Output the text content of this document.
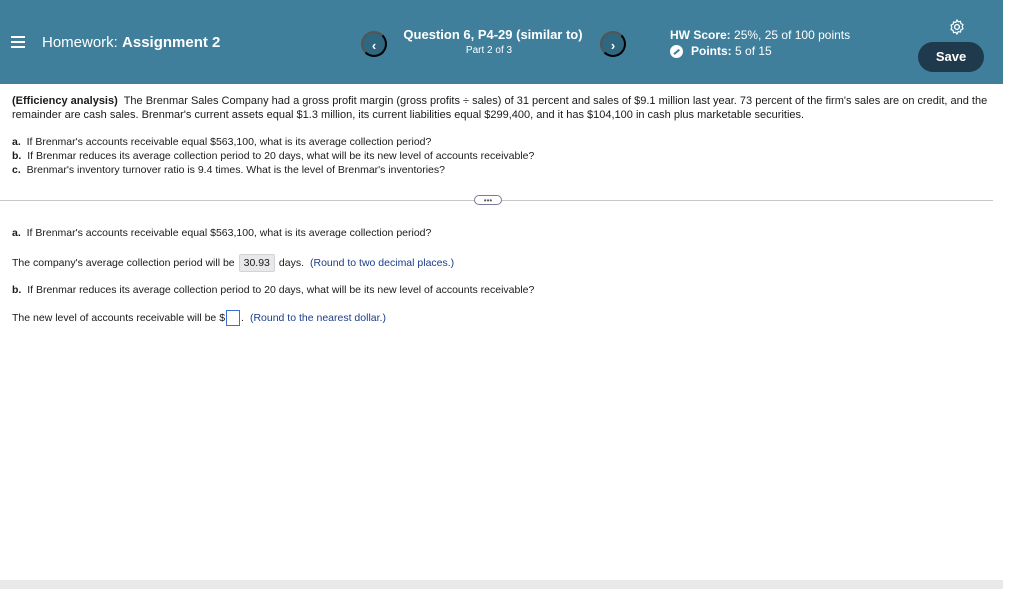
Homework: Assignment 2	‹
Question 6, P4-29 (similar to)
Part 2 of 3	›
HW Score: 25%, 25 of 100 points
Points:
5 of 15	Save
(Efficiency analysis) The Brenmar Sales Company had a gross profit margin (gross profits ÷ sales) of 31 percent and sales of $9.1 million last year. 73 percent of the firm's sales are on credit, and the remainder are cash sales. Brenmar's current assets equal $1.3 million, its current liabilities equal $299,400, and it has $104,100 in cash plus marketable securities.
a. If Brenmar's accounts receivable equal $563,100, what is its average collection period?
b. If Brenmar reduces its average collection period to 20 days, what will be its new level of accounts receivable?
c. Brenmar's inventory turnover ratio is 9.4 times. What is the level of Brenmar's inventories?
•••
a. If Brenmar's accounts receivable equal $563,100, what is its average collection period?
The company's average collection period will be 30.93 days. (Round to two decimal places.)
b. If Brenmar reduces its average collection period to 20 days, what will be its new level of accounts receivable?
The new level of accounts receivable will be $ . (Round to the nearest dollar.)
